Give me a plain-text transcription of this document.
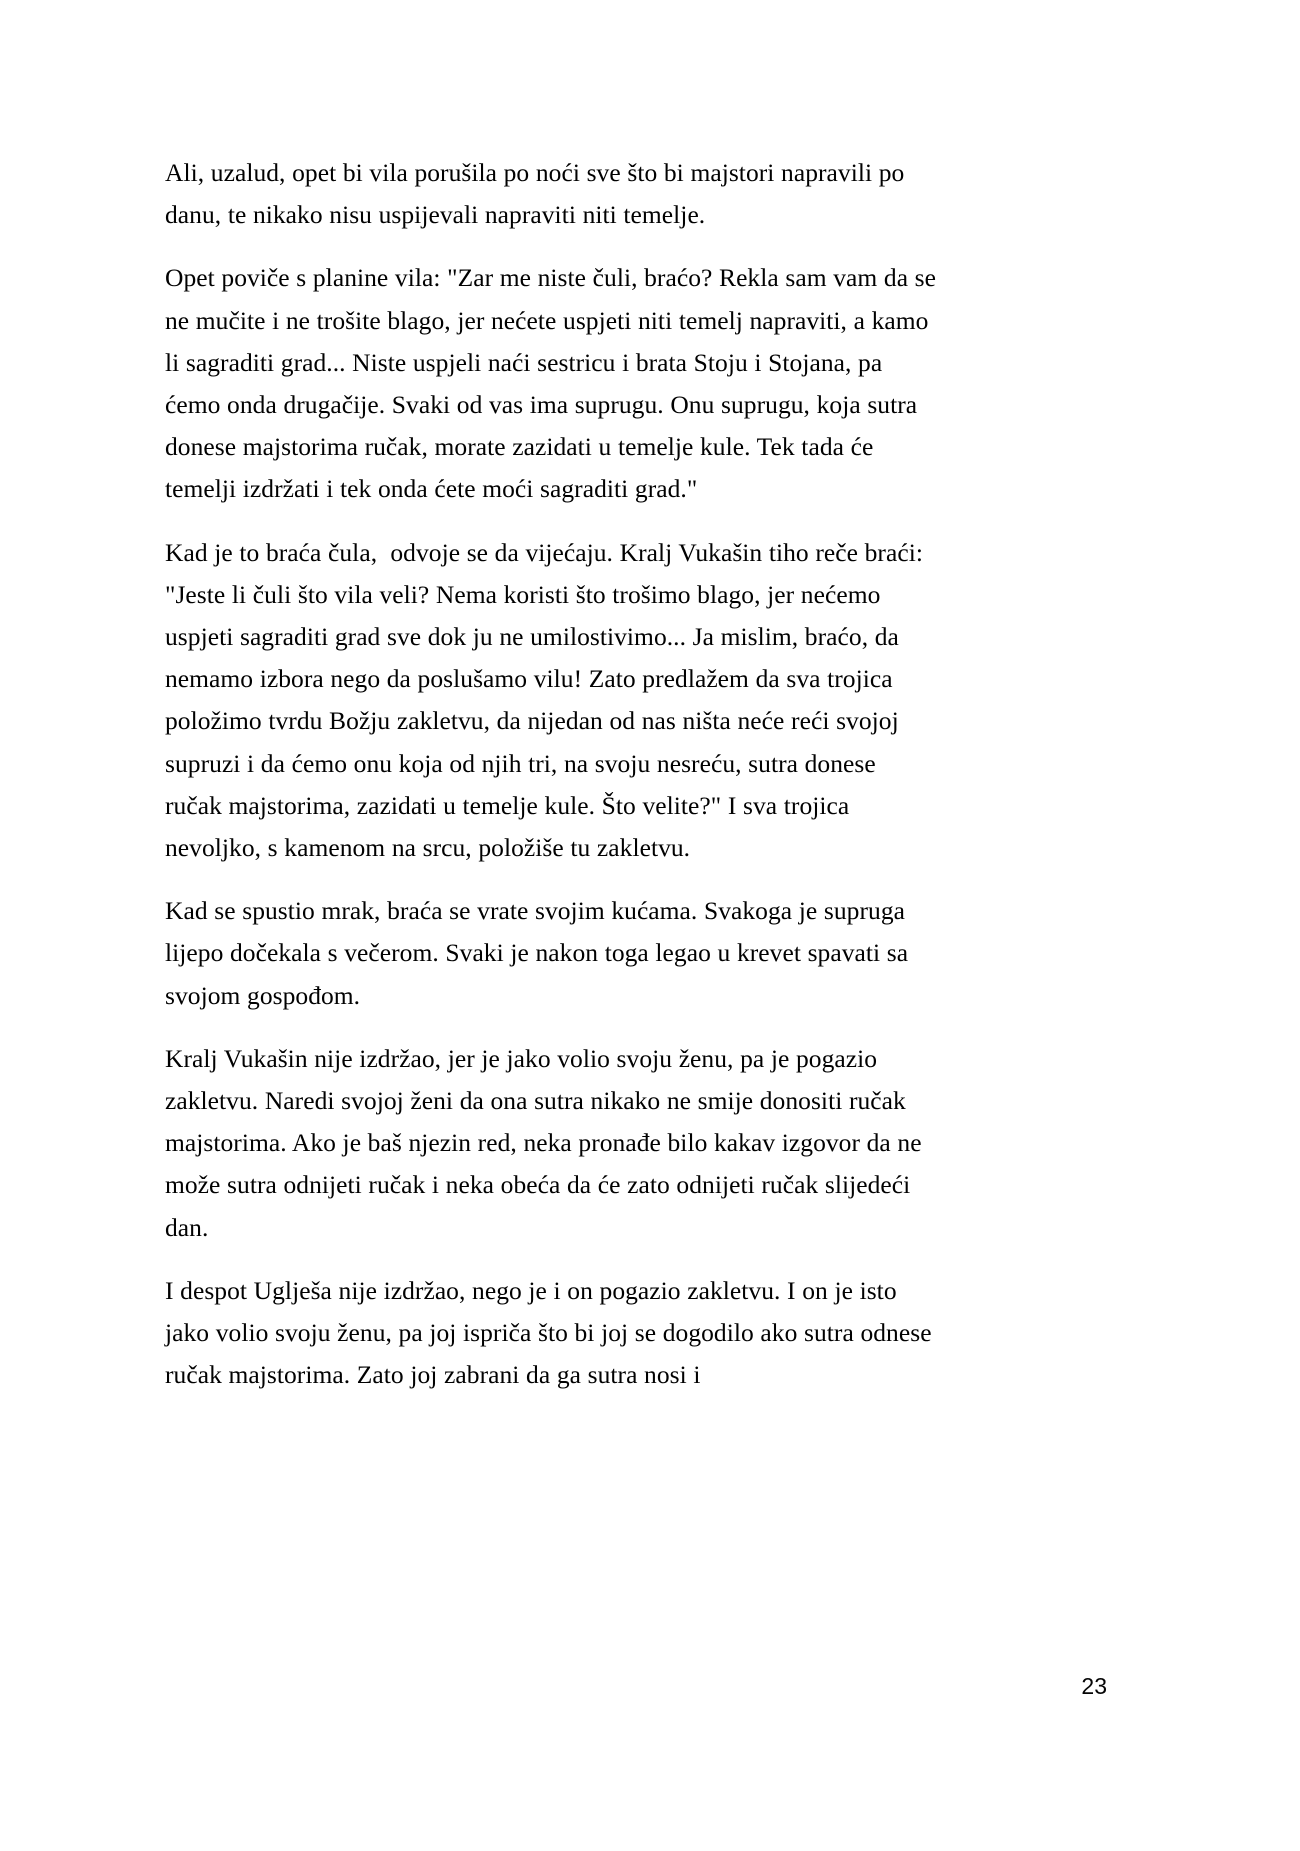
Ali, uzalud, opet bi vila porušila po noći sve što bi majstori napravili po danu, te nikako nisu uspijevali napraviti niti temelje.

Opet poviče s planine vila: "Zar me niste čuli, braćo? Rekla sam vam da se ne mučite i ne trošite blago, jer nećete uspjeti niti temelj napraviti, a kamo li sagraditi grad... Niste uspjeli naći sestricu i brata Stoju i Stojana, pa ćemo onda drugačije. Svaki od vas ima suprugu. Onu suprugu, koja sutra donese majstorima ručak, morate zazidati u temelje kule. Tek tada će temelji izdržati i tek onda ćete moći sagraditi grad."

Kad je to braća čula,  odvoje se da vijećaju. Kralj Vukašin tiho reče braći: "Jeste li čuli što vila veli? Nema koristi što trošimo blago, jer nećemo uspjeti sagraditi grad sve dok ju ne umilostivimo... Ja mislim, braćo, da nemamo izbora nego da poslušamo vilu! Zato predlažem da sva trojica položimo tvrdu Božju zakletvu, da nijedan od nas ništa neće reći svojoj supruzi i da ćemo onu koja od njih tri, na svoju nesreću, sutra donese ručak majstorima, zazidati u temelje kule. Što velite?" I sva trojica nevoljko, s kamenom na srcu, položiše tu zakletvu.

Kad se spustio mrak, braća se vrate svojim kućama. Svakoga je supruga lijepo dočekala s večerom. Svaki je nakon toga legao u krevet spavati sa svojom gospođom.

Kralj Vukašin nije izdržao, jer je jako volio svoju ženu, pa je pogazio zakletvu. Naredi svojoj ženi da ona sutra nikako ne smije donositi ručak majstorima. Ako je baš njezin red, neka pronađe bilo kakav izgovor da ne može sutra odnijeti ručak i neka obeća da će zato odnijeti ručak slijedeći dan.

I despot Uglješa nije izdržao, nego je i on pogazio zakletvu. I on je isto jako volio svoju ženu, pa joj ispriča što bi joj se dogodilo ako sutra odnese ručak majstorima. Zato joj zabrani da ga sutra nosi i

23
